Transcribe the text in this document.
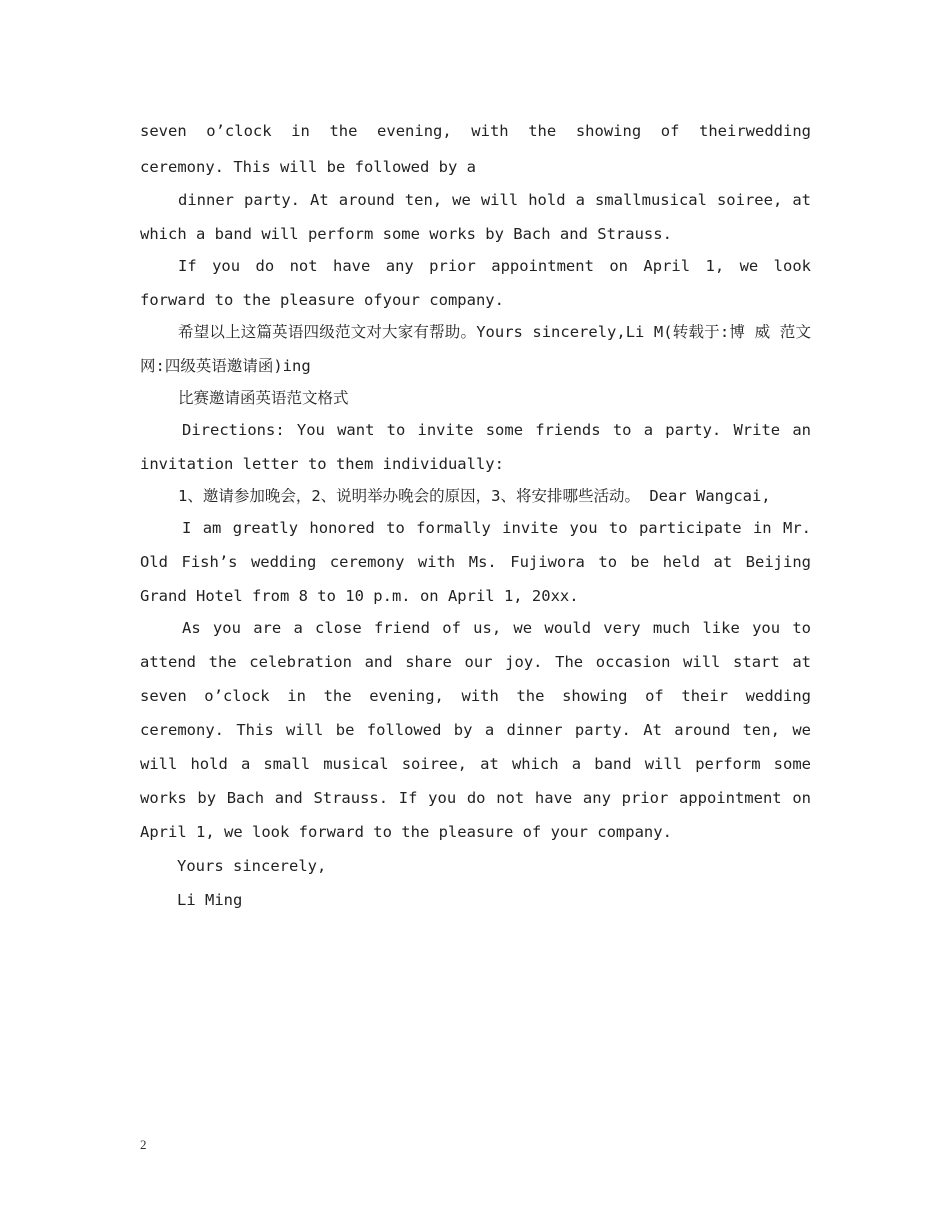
seven o’clock in the evening, with the showing of theirwedding ceremony. This will be followed by a

dinner party. At around ten, we will hold a smallmusical soiree, at which a band will perform some works by Bach and Strauss.

If you do not have any prior appointment on April 1, we look forward to the pleasure ofyour company.

希望以上这篇英语四级范文对大家有帮助。Yours sincerely,Li M(转载于:博 威 范文网:四级英语邀请函)ing

比赛邀请函英语范文格式

Directions: You want to invite some friends to a party. Write an invitation letter to them individually:

1、邀请参加晚会，2、说明举办晚会的原因，3、将安排哪些活动。 Dear Wangcai,

I am greatly honored to formally invite you to participate in Mr. Old Fish’s wedding ceremony with Ms. Fujiwora to be held at Beijing Grand Hotel from 8 to 10 p.m. on April 1, 20xx.

As you are a close friend of us, we would very much like you to attend the celebration and share our joy. The occasion will start at seven o’clock in the evening, with the showing of their wedding ceremony. This will be followed by a dinner party. At around ten, we will hold a small musical soiree, at which a band will perform some works by Bach and Strauss. If you do not have any prior appointment on April 1, we look forward to the pleasure of your company.

Yours sincerely,

Li Ming

2
